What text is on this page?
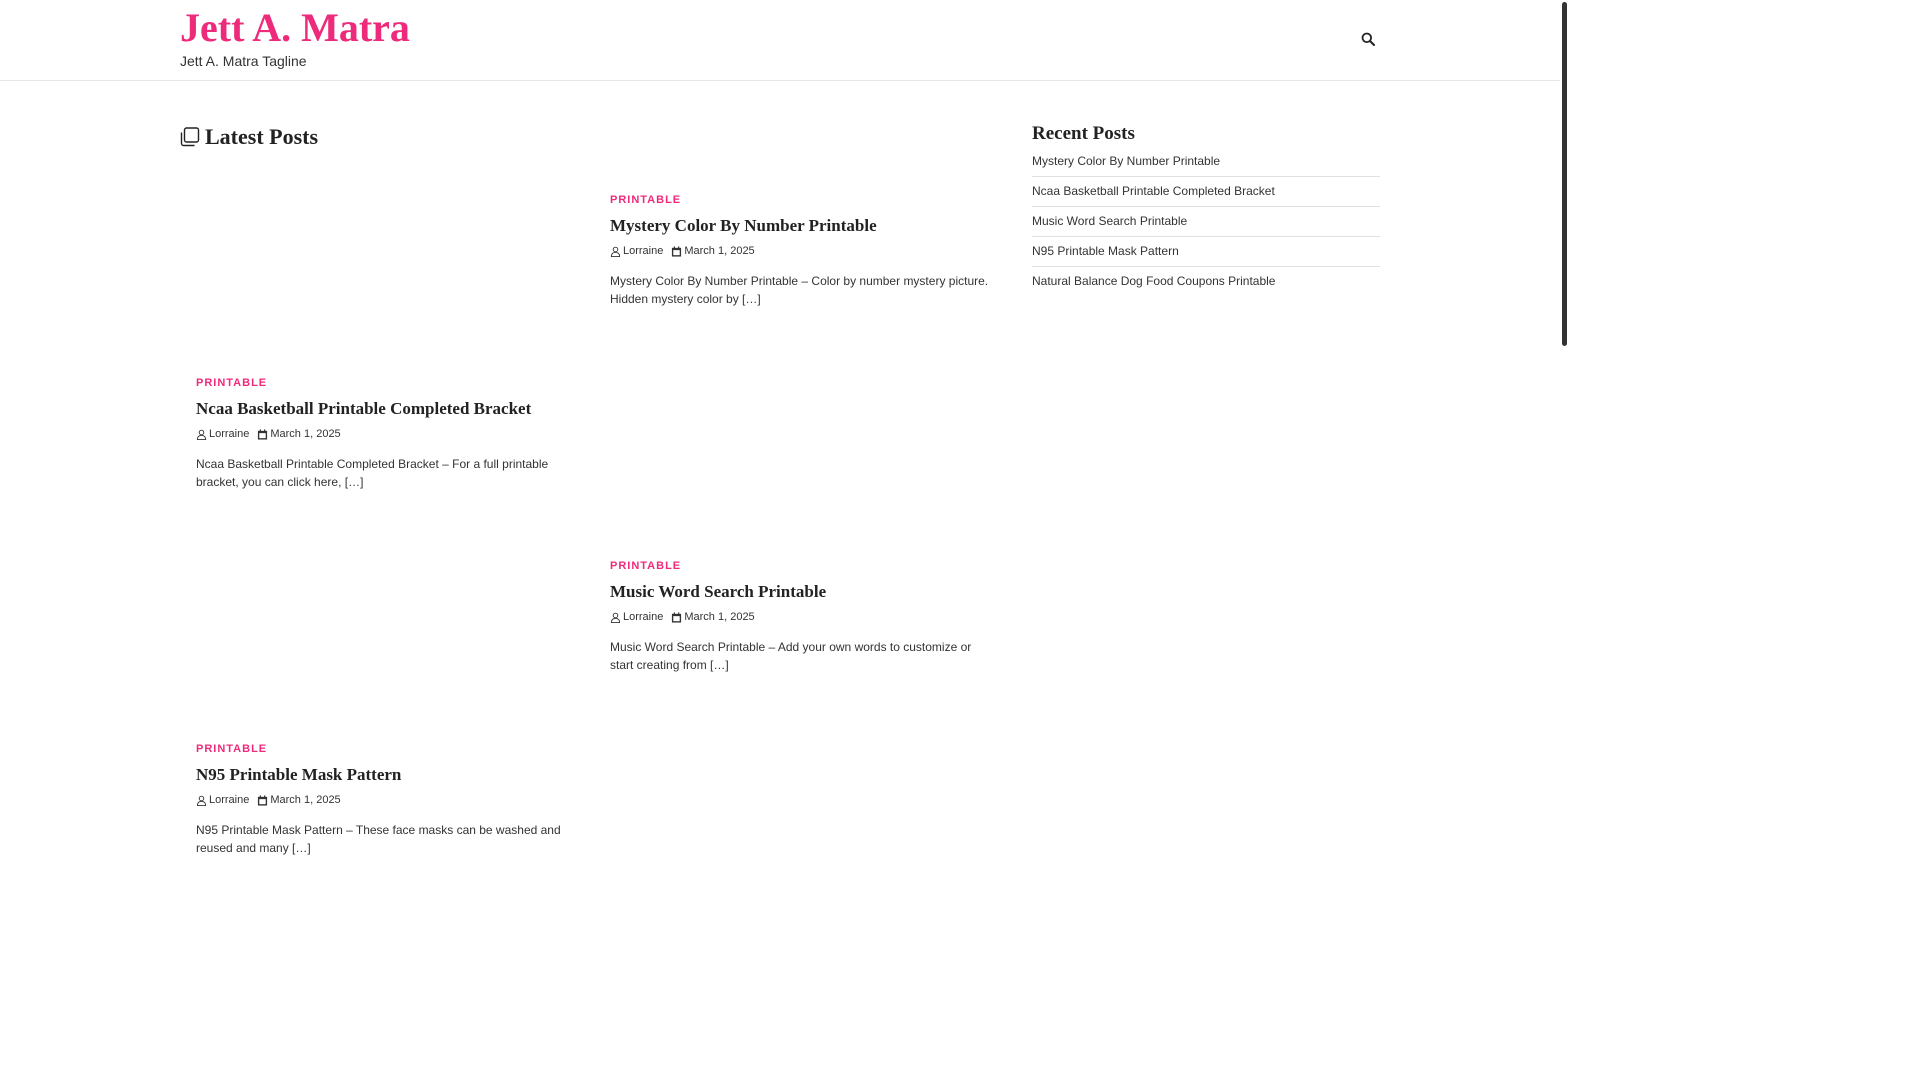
Jett A. Matra
Jett A. Matra Tagline
Latest Posts
PRINTABLE
Mystery Color By Number Printable
Lorraine March 1, 2025

Mystery Color By Number Printable – Color by number mystery picture. Hidden mystery color by […]

PRINTABLE
Ncaa Basketball Printable Completed Bracket
Lorraine March 1, 2025

Ncaa Basketball Printable Completed Bracket – For a full printable bracket, you can click here, […]

PRINTABLE
Music Word Search Printable
Lorraine March 1, 2025

Music Word Search Printable – Add your own words to customize or start creating from […]

PRINTABLE
N95 Printable Mask Pattern
Lorraine March 1, 2025

N95 Printable Mask Pattern – These face masks can be washed and reused and many […]

Recent Posts
Mystery Color By Number Printable
Ncaa Basketball Printable Completed Bracket
Music Word Search Printable
N95 Printable Mask Pattern
Natural Balance Dog Food Coupons Printable
